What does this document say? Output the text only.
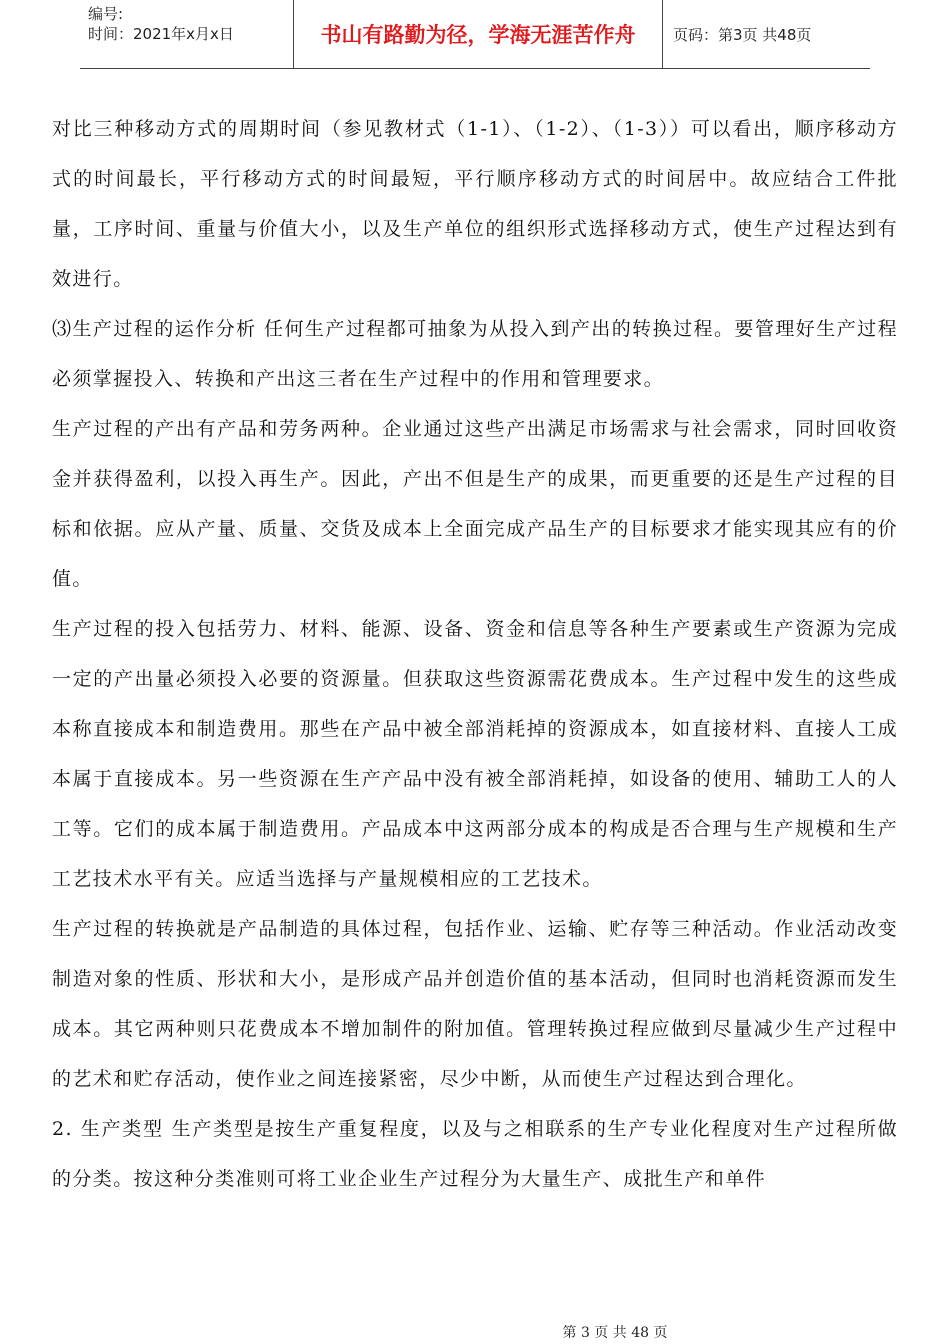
编号:
时间：2021年x月x日	书山有路勤为径，学海无涯苦作舟	页码：第3页 共48页

对比三种移动方式的周期时间（参见教材式（1-1）、（1-2）、（1-3））可以看出，顺序移动方式的时间最长，平行移动方式的时间最短，平行顺序移动方式的时间居中。故应结合工件批量，工序时间、重量与价值大小，以及生产单位的组织形式选择移动方式，使生产过程达到有效进行。

⑶生产过程的运作分析 任何生产过程都可抽象为从投入到产出的转换过程。要管理好生产过程必须掌握投入、转换和产出这三者在生产过程中的作用和管理要求。

生产过程的产出有产品和劳务两种。企业通过这些产出满足市场需求与社会需求，同时回收资金并获得盈利，以投入再生产。因此，产出不但是生产的成果，而更重要的还是生产过程的目标和依据。应从产量、质量、交货及成本上全面完成产品生产的目标要求才能实现其应有的价值。

生产过程的投入包括劳力、材料、能源、设备、资金和信息等各种生产要素或生产资源为完成一定的产出量必须投入必要的资源量。但获取这些资源需花费成本。生产过程中发生的这些成本称直接成本和制造费用。那些在产品中被全部消耗掉的资源成本，如直接材料、直接人工成本属于直接成本。另一些资源在生产产品中没有被全部消耗掉，如设备的使用、辅助工人的人工等。它们的成本属于制造费用。产品成本中这两部分成本的构成是否合理与生产规模和生产工艺技术水平有关。应适当选择与产量规模相应的工艺技术。

生产过程的转换就是产品制造的具体过程，包括作业、运输、贮存等三种活动。作业活动改变制造对象的性质、形状和大小，是形成产品并创造价值的基本活动，但同时也消耗资源而发生成本。其它两种则只花费成本不增加制件的附加值。管理转换过程应做到尽量减少生产过程中的艺术和贮存活动，使作业之间连接紧密，尽少中断，从而使生产过程达到合理化。

2. 生产类型 生产类型是按生产重复程度，以及与之相联系的生产专业化程度对生产过程所做的分类。按这种分类准则可将工业企业生产过程分为大量生产、成批生产和单件

第 3 页 共 48 页
